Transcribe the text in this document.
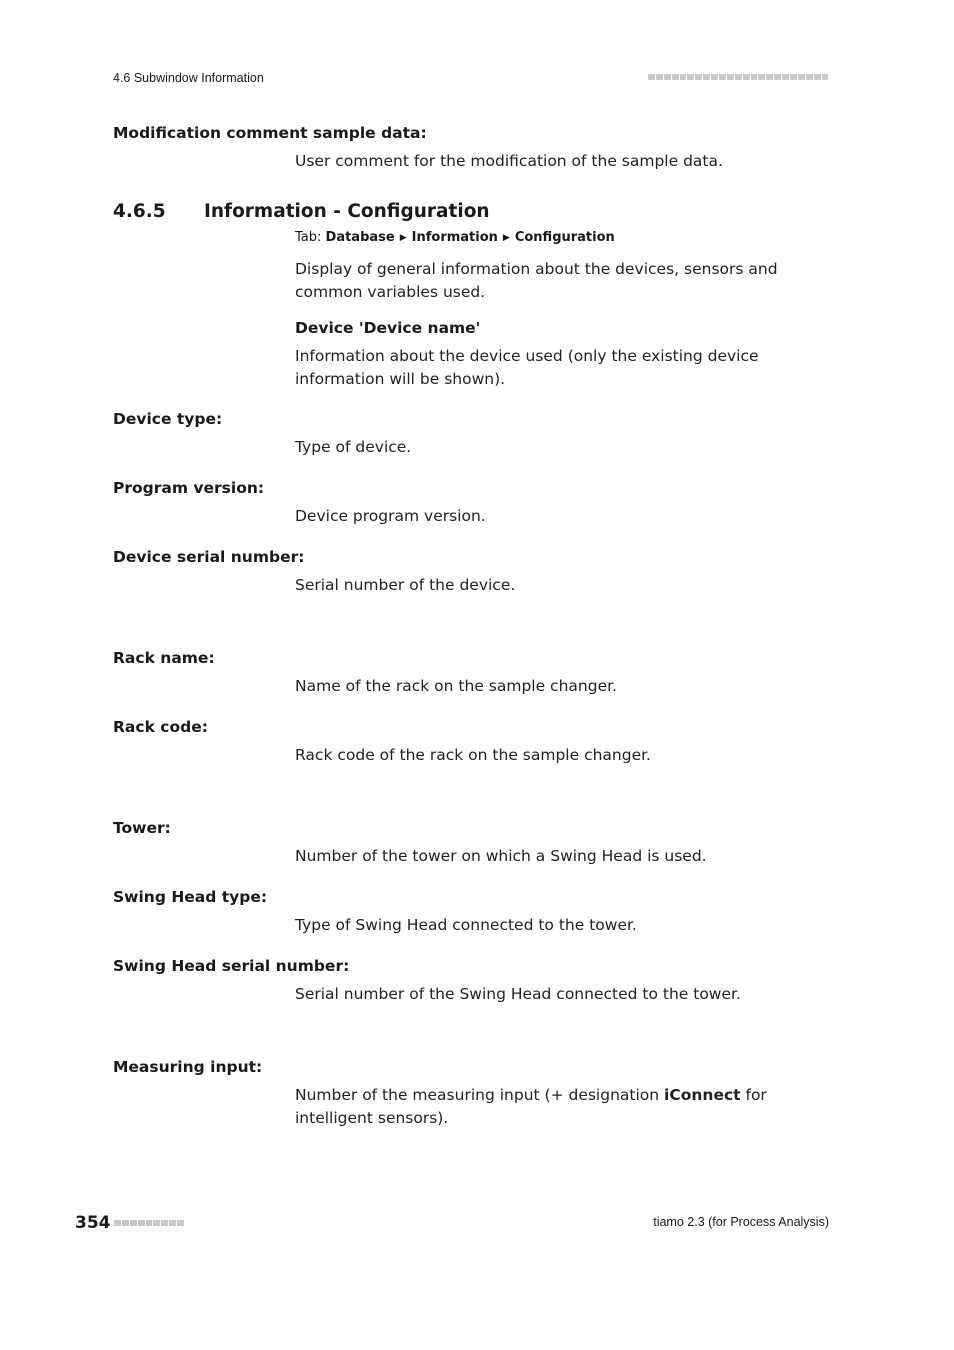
4.6 Subwindow Information
Modification comment sample data:
User comment for the modification of the sample data.
4.6.5 Information - Configuration
Tab: Database ▶ Information ▶ Configuration
Display of general information about the devices, sensors and common variables used.
Device 'Device name'
Information about the device used (only the existing device information will be shown).
Device type:
Type of device.
Program version:
Device program version.
Device serial number:
Serial number of the device.
Rack name:
Name of the rack on the sample changer.
Rack code:
Rack code of the rack on the sample changer.
Tower:
Number of the tower on which a Swing Head is used.
Swing Head type:
Type of Swing Head connected to the tower.
Swing Head serial number:
Serial number of the Swing Head connected to the tower.
Measuring input:
Number of the measuring input (+ designation iConnect for intelligent sensors).
354	tiamo 2.3 (for Process Analysis)
